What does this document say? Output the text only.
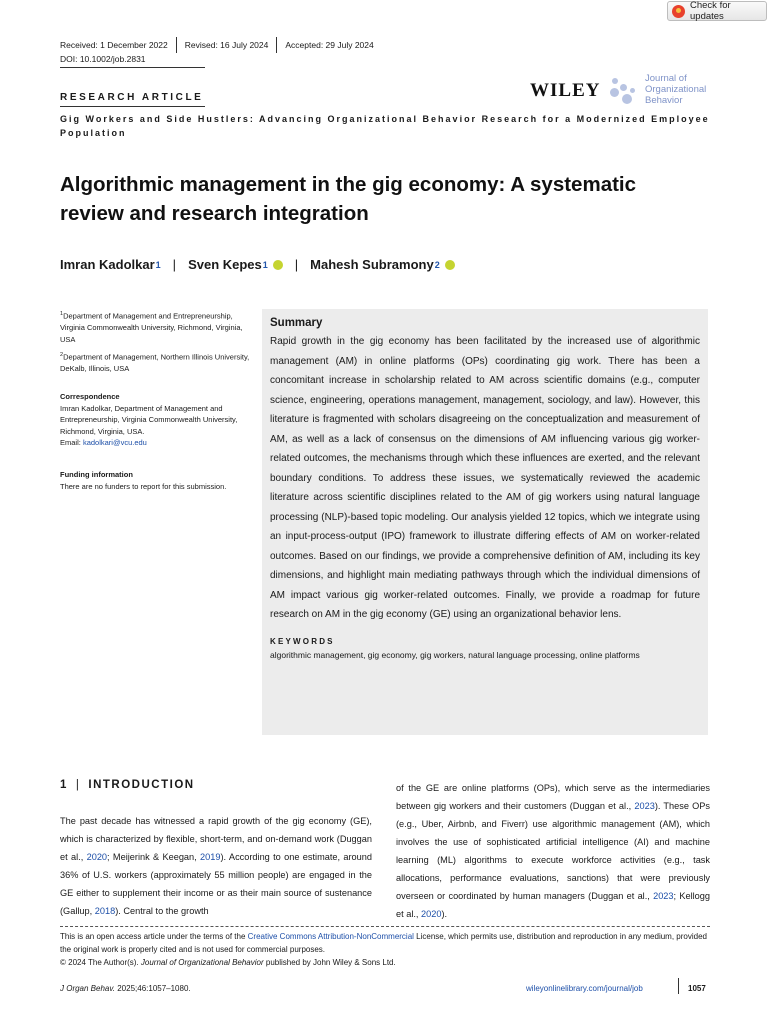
Check for updates
Received: 1 December 2022	Revised: 16 July 2024	Accepted: 29 July 2024
DOI: 10.1002/job.2831
WILEY
Journal of
Organizational
Behavior
RESEARCH ARTICLE
Gig Workers and Side Hustlers: Advancing Organizational Behavior Research for a Modernized Employee Population
Algorithmic management in the gig economy: A systematic review and research integration
Imran Kadolkar 1 | Sven Kepes 1 | Mahesh Subramony 2
$^1$Department of Management and Entrepreneurship, Virginia Commonwealth University, Richmond, Virginia, USA
$^2$Department of Management, Northern Illinois University, DeKalb, Illinois, USA
Correspondence
Imran Kadolkar, Department of Management and Entrepreneurship, Virginia Commonwealth University, Richmond, Virginia, USA.
Email: kadolkari@vcu.edu
Funding information
There are no funders to report for this submission.
Summary
Rapid growth in the gig economy has been facilitated by the increased use of algorithmic management (AM) in online platforms (OPs) coordinating gig work. There has been a concomitant increase in scholarship related to AM across scientific domains (e.g., computer science, engineering, operations management, management, sociology, and law). However, this literature is fragmented with scholars disagreeing on the conceptualization and measurement of AM, as well as a lack of consensus on the dimensions of AM influencing various gig worker-related outcomes, the mechanisms through which these influences are exerted, and the relevant boundary conditions. To address these issues, we systematically reviewed the academic literature across scientific disciplines related to the AM of gig workers using natural language processing (NLP)-based topic modeling. Our analysis yielded 12 topics, which we integrate using an input-process-output (IPO) framework to illustrate differing effects of AM on worker-related outcomes. Based on our findings, we provide a comprehensive definition of AM, including its key dimensions, and highlight main mediating pathways through which the individual dimensions of AM impact various gig worker-related outcomes. Finally, we provide a roadmap for future research on AM in the gig economy (GE) using an organizational behavior lens.
KEYWORDS
algorithmic management, gig economy, gig workers, natural language processing, online platforms
1 | INTRODUCTION
The past decade has witnessed a rapid growth of the gig economy (GE), which is characterized by flexible, short-term, and on-demand work (Duggan et al., 2020; Meijerink & Keegan, 2019). According to one estimate, around 36% of U.S. workers (approximately 55 million people) are engaged in the GE either to supplement their income or as their main source of sustenance (Gallup, 2018). Central to the growth
of the GE are online platforms (OPs), which serve as the intermediaries between gig workers and their customers (Duggan et al., 2023). These OPs (e.g., Uber, Airbnb, and Fiverr) use algorithmic management (AM), which involves the use of sophisticated artificial intelligence (AI) and machine learning (ML) algorithms to execute workforce activities (e.g., task allocations, performance evaluations, sanctions) that were previously overseen or coordinated by human managers (Duggan et al., 2023; Kellogg et al., 2020).
This is an open access article under the terms of the Creative Commons Attribution-NonCommercial License, which permits use, distribution and reproduction in any medium, provided the original work is properly cited and is not used for commercial purposes.
© 2024 The Author(s). Journal of Organizational Behavior published by John Wiley & Sons Ltd.
J Organ Behav. 2025;46:1057–1080.	wileyonlinelibrary.com/journal/job	1057
